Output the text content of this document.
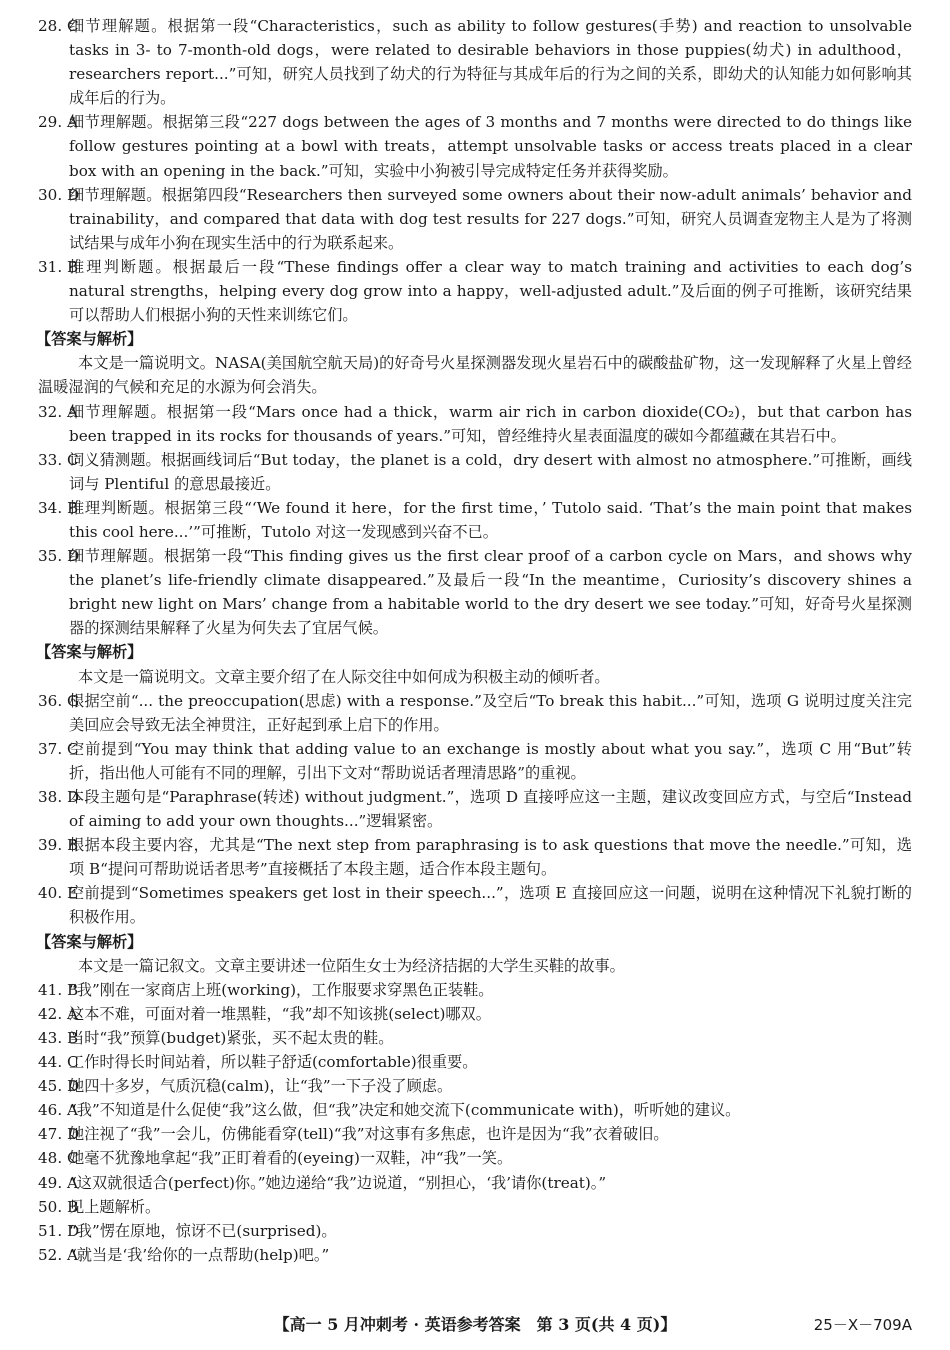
28. C
细节理解题。根据第一段“Characteristics，such as ability to follow gestures(手势) and reaction to unsolvable tasks in 3- to 7-month-old dogs，were related to desirable behaviors in those puppies(幼犬) in adulthood，researchers report...”可知，研究人员找到了幼犬的行为特征与其成年后的行为之间的关系，即幼犬的认知能力如何影响其成年后的行为。
29. A
细节理解题。根据第三段“227 dogs between the ages of 3 months and 7 months were directed to do things like follow gestures pointing at a bowl with treats，attempt unsolvable tasks or access treats placed in a clear box with an opening in the back.”可知，实验中小狗被引导完成特定任务并获得奖励。
30. D
细节理解题。根据第四段“Researchers then surveyed some owners about their now-adult animals’ behavior and trainability，and compared that data with dog test results for 227 dogs.”可知，研究人员调查宠物主人是为了将测试结果与成年小狗在现实生活中的行为联系起来。
31. B
推理判断题。根据最后一段“These findings offer a clear way to match training and activities to each dog’s natural strengths，helping every dog grow into a happy，well-adjusted adult.”及后面的例子可推断，该研究结果可以帮助人们根据小狗的天性来训练它们。
【答案与解析】
本文是一篇说明文。NASA(美国航空航天局)的好奇号火星探测器发现火星岩石中的碳酸盐矿物，这一发现解释了火星上曾经温暖湿润的气候和充足的水源为何会消失。
32. A
细节理解题。根据第一段“Mars once had a thick，warm air rich in carbon dioxide(CO₂)，but that carbon has been trapped in its rocks for thousands of years.”可知，曾经维持火星表面温度的碳如今都蕴藏在其岩石中。
33. C
词义猜测题。根据画线词后“But today，the planet is a cold，dry desert with almost no atmosphere.”可推断，画线词与 Plentiful 的意思最接近。
34. B
推理判断题。根据第三段“‘We found it here，for the first time，’ Tutolo said. ‘That’s the main point that makes this cool here...’”可推断，Tutolo 对这一发现感到兴奋不已。
35. D
细节理解题。根据第一段“This finding gives us the first clear proof of a carbon cycle on Mars，and shows why the planet’s life-friendly climate disappeared.”及最后一段“In the meantime，Curiosity’s discovery shines a bright new light on Mars’ change from a habitable world to the dry desert we see today.”可知，好奇号火星探测器的探测结果解释了火星为何失去了宜居气候。
【答案与解析】
本文是一篇说明文。文章主要介绍了在人际交往中如何成为积极主动的倾听者。
36. G
根据空前“... the preoccupation(思虑) with a response.”及空后“To break this habit...”可知，选项 G 说明过度关注完美回应会导致无法全神贯注，正好起到承上启下的作用。
37. C
空前提到“You may think that adding value to an exchange is mostly about what you say.”，选项 C 用“But”转折，指出他人可能有不同的理解，引出下文对“帮助说话者理清思路”的重视。
38. D
本段主题句是“Paraphrase(转述) without judgment.”，选项 D 直接呼应这一主题，建议改变回应方式，与空后“Instead of aiming to add your own thoughts...”逻辑紧密。
39. B
根据本段主要内容，尤其是“The next step from paraphrasing is to ask questions that move the needle.”可知，选项 B“提问可帮助说话者思考”直接概括了本段主题，适合作本段主题句。
40. E
空前提到“Sometimes speakers get lost in their speech...”，选项 E 直接回应这一问题，说明在这种情况下礼貌打断的积极作用。
【答案与解析】
本文是一篇记叙文。文章主要讲述一位陌生女士为经济拮据的大学生买鞋的故事。
41. B
“我”刚在一家商店上班(working)，工作服要求穿黑色正装鞋。
42. A
这本不难，可面对着一堆黑鞋，“我”却不知该挑(select)哪双。
43. B
当时“我”预算(budget)紧张，买不起太贵的鞋。
44. C
工作时得长时间站着，所以鞋子舒适(comfortable)很重要。
45. D
她四十多岁，气质沉稳(calm)，让“我”一下子没了顾虑。
46. A
“我”不知道是什么促使“我”这么做，但“我”决定和她交流下(communicate with)，听听她的建议。
47. D
她注视了“我”一会儿，仿佛能看穿(tell)“我”对这事有多焦虑，也许是因为“我”衣着破旧。
48. C
她毫不犹豫地拿起“我”正盯着看的(eyeing)一双鞋，冲“我”一笑。
49. A
“这双就很适合(perfect)你。”她边递给“我”边说道，“别担心，‘我’请你(treat)。”
50. B
见上题解析。
51. D
“我”愣在原地，惊讶不已(surprised)。
52. A
“就当是‘我’给你的一点帮助(help)吧。”
【高一 5 月冲刺考 · 英语参考答案　第 3 页(共 4 页)】	25－X－709A
